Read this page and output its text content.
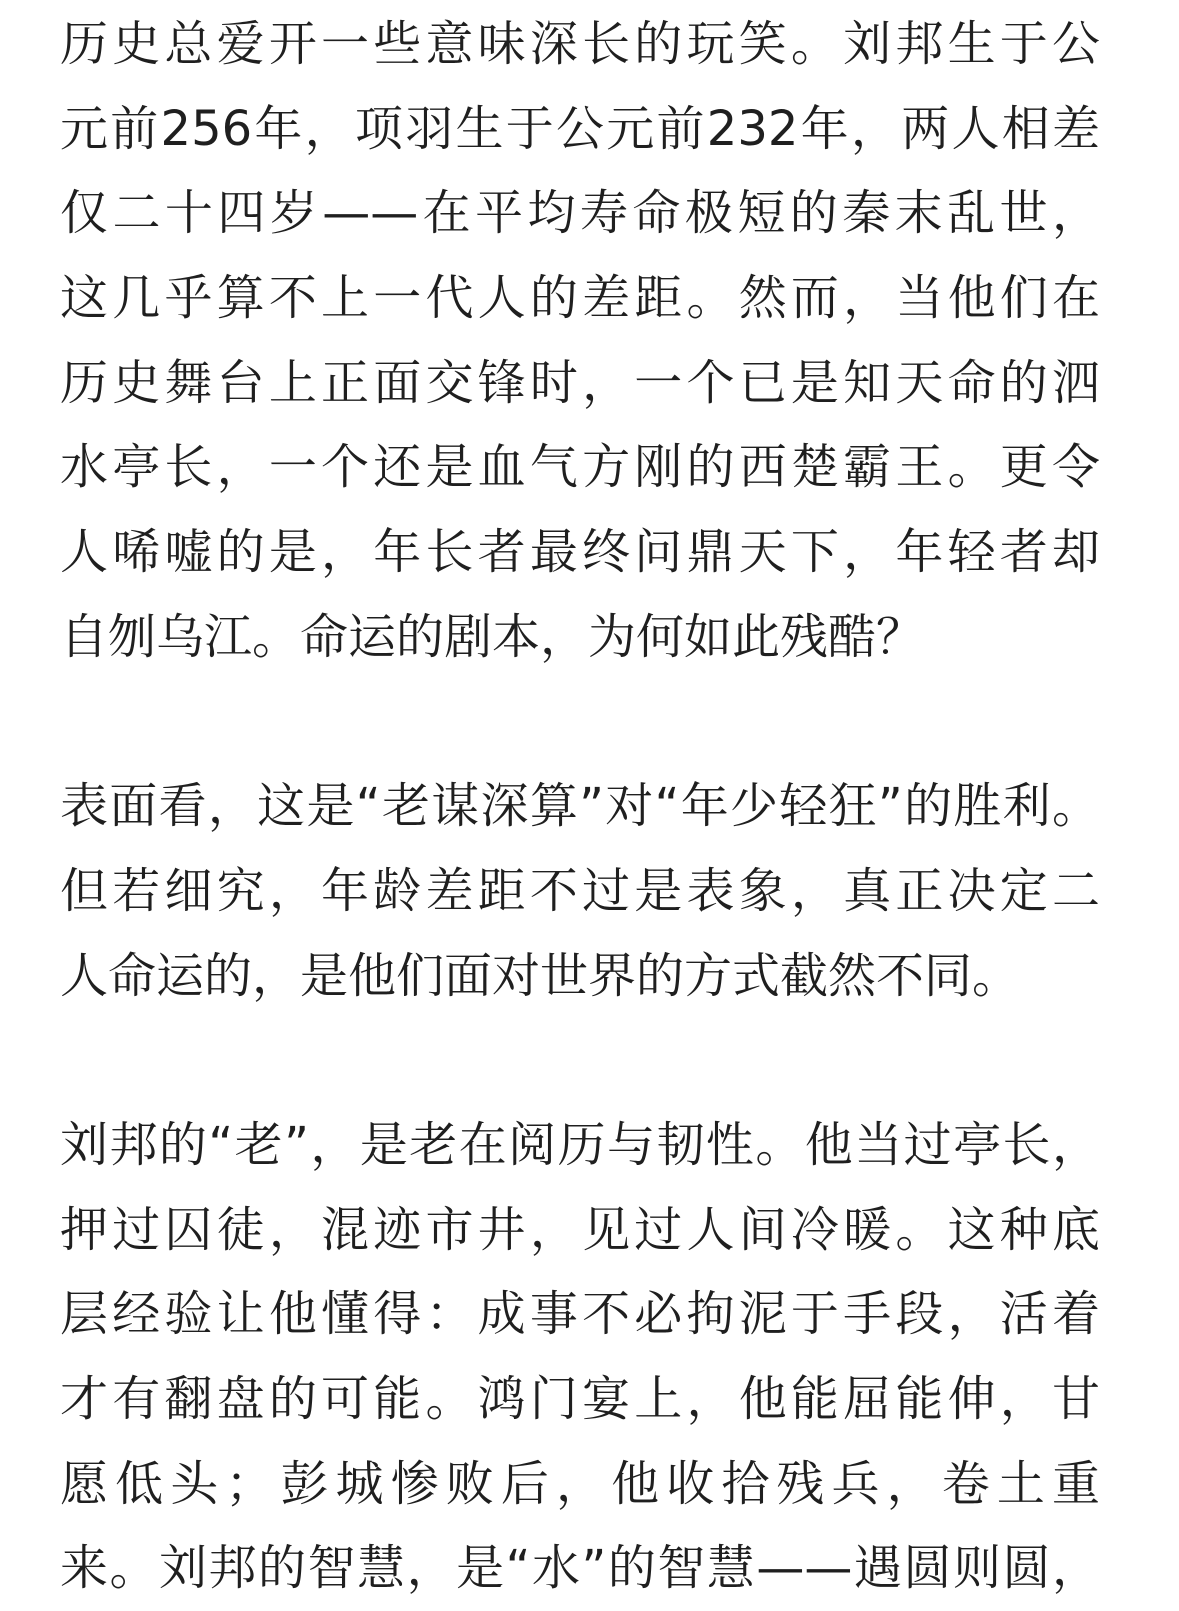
历史总爱开一些意味深长的玩笑。刘邦生于公
元前256年，项羽生于公元前232年，两人相差
仅二十四岁——在平均寿命极短的秦末乱世，
这几乎算不上一代人的差距。然而，当他们在
历史舞台上正面交锋时，一个已是知天命的泗
水亭长，一个还是血气方刚的西楚霸王。更令
人唏嘘的是，年长者最终问鼎天下，年轻者却
自刎乌江。命运的剧本，为何如此残酷？
表面看，这是“老谋深算”对“年少轻狂”的胜利。
但若细究，年龄差距不过是表象，真正决定二
人命运的，是他们面对世界的方式截然不同。
刘邦的“老”，是老在阅历与韧性。他当过亭长，
押过囚徒，混迹市井，见过人间冷暖。这种底
层经验让他懂得：成事不必拘泥于手段，活着
才有翻盘的可能。鸿门宴上，他能屈能伸，甘
愿低头；彭城惨败后，他收拾残兵，卷土重
来。刘邦的智慧，是“水”的智慧——遇圆则圆，
